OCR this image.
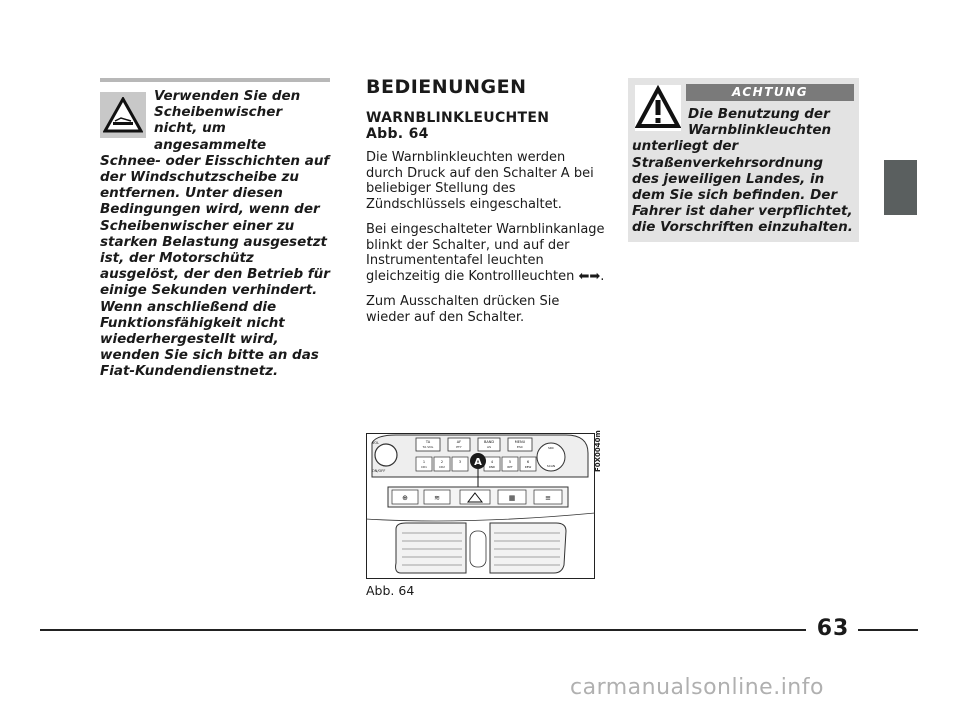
Verwenden Sie den Scheibenwischer nicht, um angesammelte Schnee- oder Eisschichten auf der Windschutzscheibe zu entfernen. Unter diesen Bedingungen wird, wenn der Scheibenwischer einer zu starken Belastung ausgesetzt ist, der Motorschütz ausgelöst, der den Betrieb für einige Sekunden verhindert. Wenn anschließend die Funktionsfähigkeit nicht wiederhergestellt wird, wenden Sie sich bitte an das Fiat-Kundendienstnetz.
BEDIENUNGEN
WARNBLINKLEUCHTEN
Abb. 64

Die Warnblinkleuchten werden durch Druck auf den Schalter A bei beliebiger Stellung des Zündschlüssels eingeschaltet.

Bei eingeschalteter Warnblinkanlage blinkt der Schalter, und auf der Instrumententafel leuchten gleichzeitig die Kontrollleuchten ⬅➡.

Zum Ausschalten drücken Sie wieder auf den Schalter.

ACHTUNG
Die Benutzung der Warnblinkleuchten
unterliegt der Straßenverkehrsordnung des jeweiligen Landes, in dem Sie sich befinden. Der Fahrer ist daher verpflichtet, die Vorschriften einzuhalten.
VOL
ON/OFF
TA
TA VOL
AF
PTY
BAND
AS
MENU
ESC	SRC
SCAN
1
CD1
2
CD2
3	4
RND
5
RPT
6
REW
A
⊕	≋	▦	≡
F0X0040m
Abb. 64
63
carmanualsonline.info
